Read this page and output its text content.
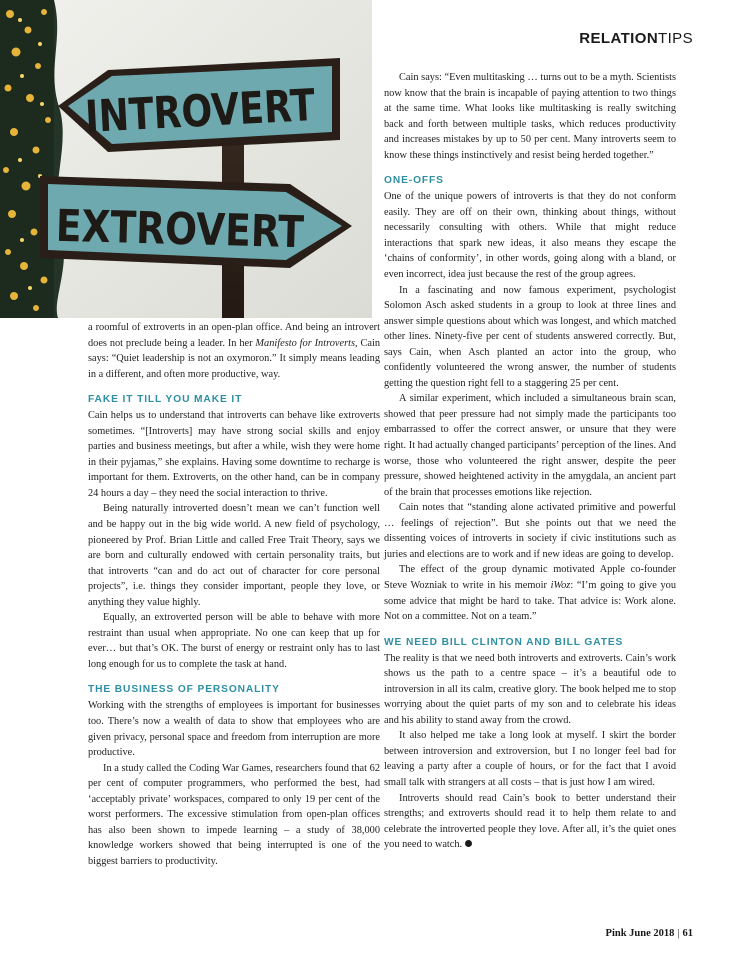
RELATIONTIPS
INTROVERT
EXTROVERT

a roomful of extroverts in an open-plan office. And being an introvert does not preclude being a leader. In her Manifesto for Introverts, Cain says: “Quiet leadership is not an oxymoron.” It simply means leading in a different, and often more productive, way.

FAKE IT TILL YOU MAKE IT

Cain helps us to understand that introverts can behave like extroverts sometimes. “[Introverts] may have strong social skills and enjoy parties and business meetings, but after a while, wish they were home in their pyjamas,” she explains. Having some downtime to recharge is important for them. Extroverts, on the other hand, can be in company 24 hours a day – they need the social interaction to thrive.

Being naturally introverted doesn’t mean we can’t function well and be happy out in the big wide world. A new field of psychology, pioneered by Prof. Brian Little and called Free Trait Theory, says we are born and culturally endowed with certain personality traits, but that introverts “can and do act out of character for core personal projects”, i.e. things they consider important, people they love, or anything they value highly.

Equally, an extroverted person will be able to behave with more restraint than usual when appropriate. No one can keep that up for ever… but that’s OK. The burst of energy or restraint only has to last long enough for us to complete the task at hand.

THE BUSINESS OF PERSONALITY

Working with the strengths of employees is important for businesses too. There’s now a wealth of data to show that employees who are given privacy, personal space and freedom from interruption are more productive.

In a study called the Coding War Games, researchers found that 62 per cent of computer programmers, who performed the best, had ‘acceptably private’ workspaces, compared to only 19 per cent of the worst performers. The excessive stimulation from open-plan offices has also been shown to impede learning – a study of 38,000 knowledge workers showed that being interrupted is one of the biggest barriers to productivity.

Cain says: “Even multitasking … turns out to be a myth. Scientists now know that the brain is incapable of paying attention to two things at the same time. What looks like multitasking is really switching back and forth between multiple tasks, which reduces productivity and increases mistakes by up to 50 per cent. Many introverts seem to know these things instinctively and resist being herded together.”

ONE-OFFS

One of the unique powers of introverts is that they do not conform easily. They are off on their own, thinking about things, without necessarily consulting with others. While that might reduce interactions that spark new ideas, it also means they escape the ‘chains of conformity’, in other words, going along with a bland, or even incorrect, idea just because the rest of the group agrees.

In a fascinating and now famous experiment, psychologist Solomon Asch asked students in a group to look at three lines and answer simple questions about which was longest, and which matched other lines. Ninety-five per cent of students answered correctly. But, says Cain, when Asch planted an actor into the group, who confidently volunteered the wrong answer, the number of students getting the question right fell to a staggering 25 per cent.

A similar experiment, which included a simultaneous brain scan, showed that peer pressure had not simply made the participants too embarrassed to offer the correct answer, or unsure that they were right. It had actually changed participants’ perception of the lines. And worse, those who volunteered the right answer, despite the peer pressure, showed heightened activity in the amygdala, an ancient part of the brain that processes emotions like rejection.

Cain notes that “standing alone activated primitive and powerful … feelings of rejection”. But she points out that we need the dissenting voices of introverts in society if civic institutions such as juries and elections are to work and if new ideas are going to develop.

The effect of the group dynamic motivated Apple co-founder Steve Wozniak to write in his memoir iWoz: “I’m going to give you some advice that might be hard to take. That advice is: Work alone. Not on a committee. Not on a team.”

WE NEED BILL CLINTON AND BILL GATES

The reality is that we need both introverts and extroverts. Cain’s work shows us the path to a centre space – it’s a beautiful ode to introversion in all its calm, creative glory. The book helped me to stop worrying about the quiet parts of my son and to celebrate his ideas and his ability to stand away from the crowd.

It also helped me take a long look at myself. I skirt the border between introversion and extroversion, but I no longer feel bad for leaving a party after a couple of hours, or for the fact that I avoid small talk with strangers at all costs – that is just how I am wired.

Introverts should read Cain’s book to better understand their strengths; and extroverts should read it to help them relate to and celebrate the introverted people they love. After all, it’s the quiet ones you need to watch.

Pink June 2018 | 61
